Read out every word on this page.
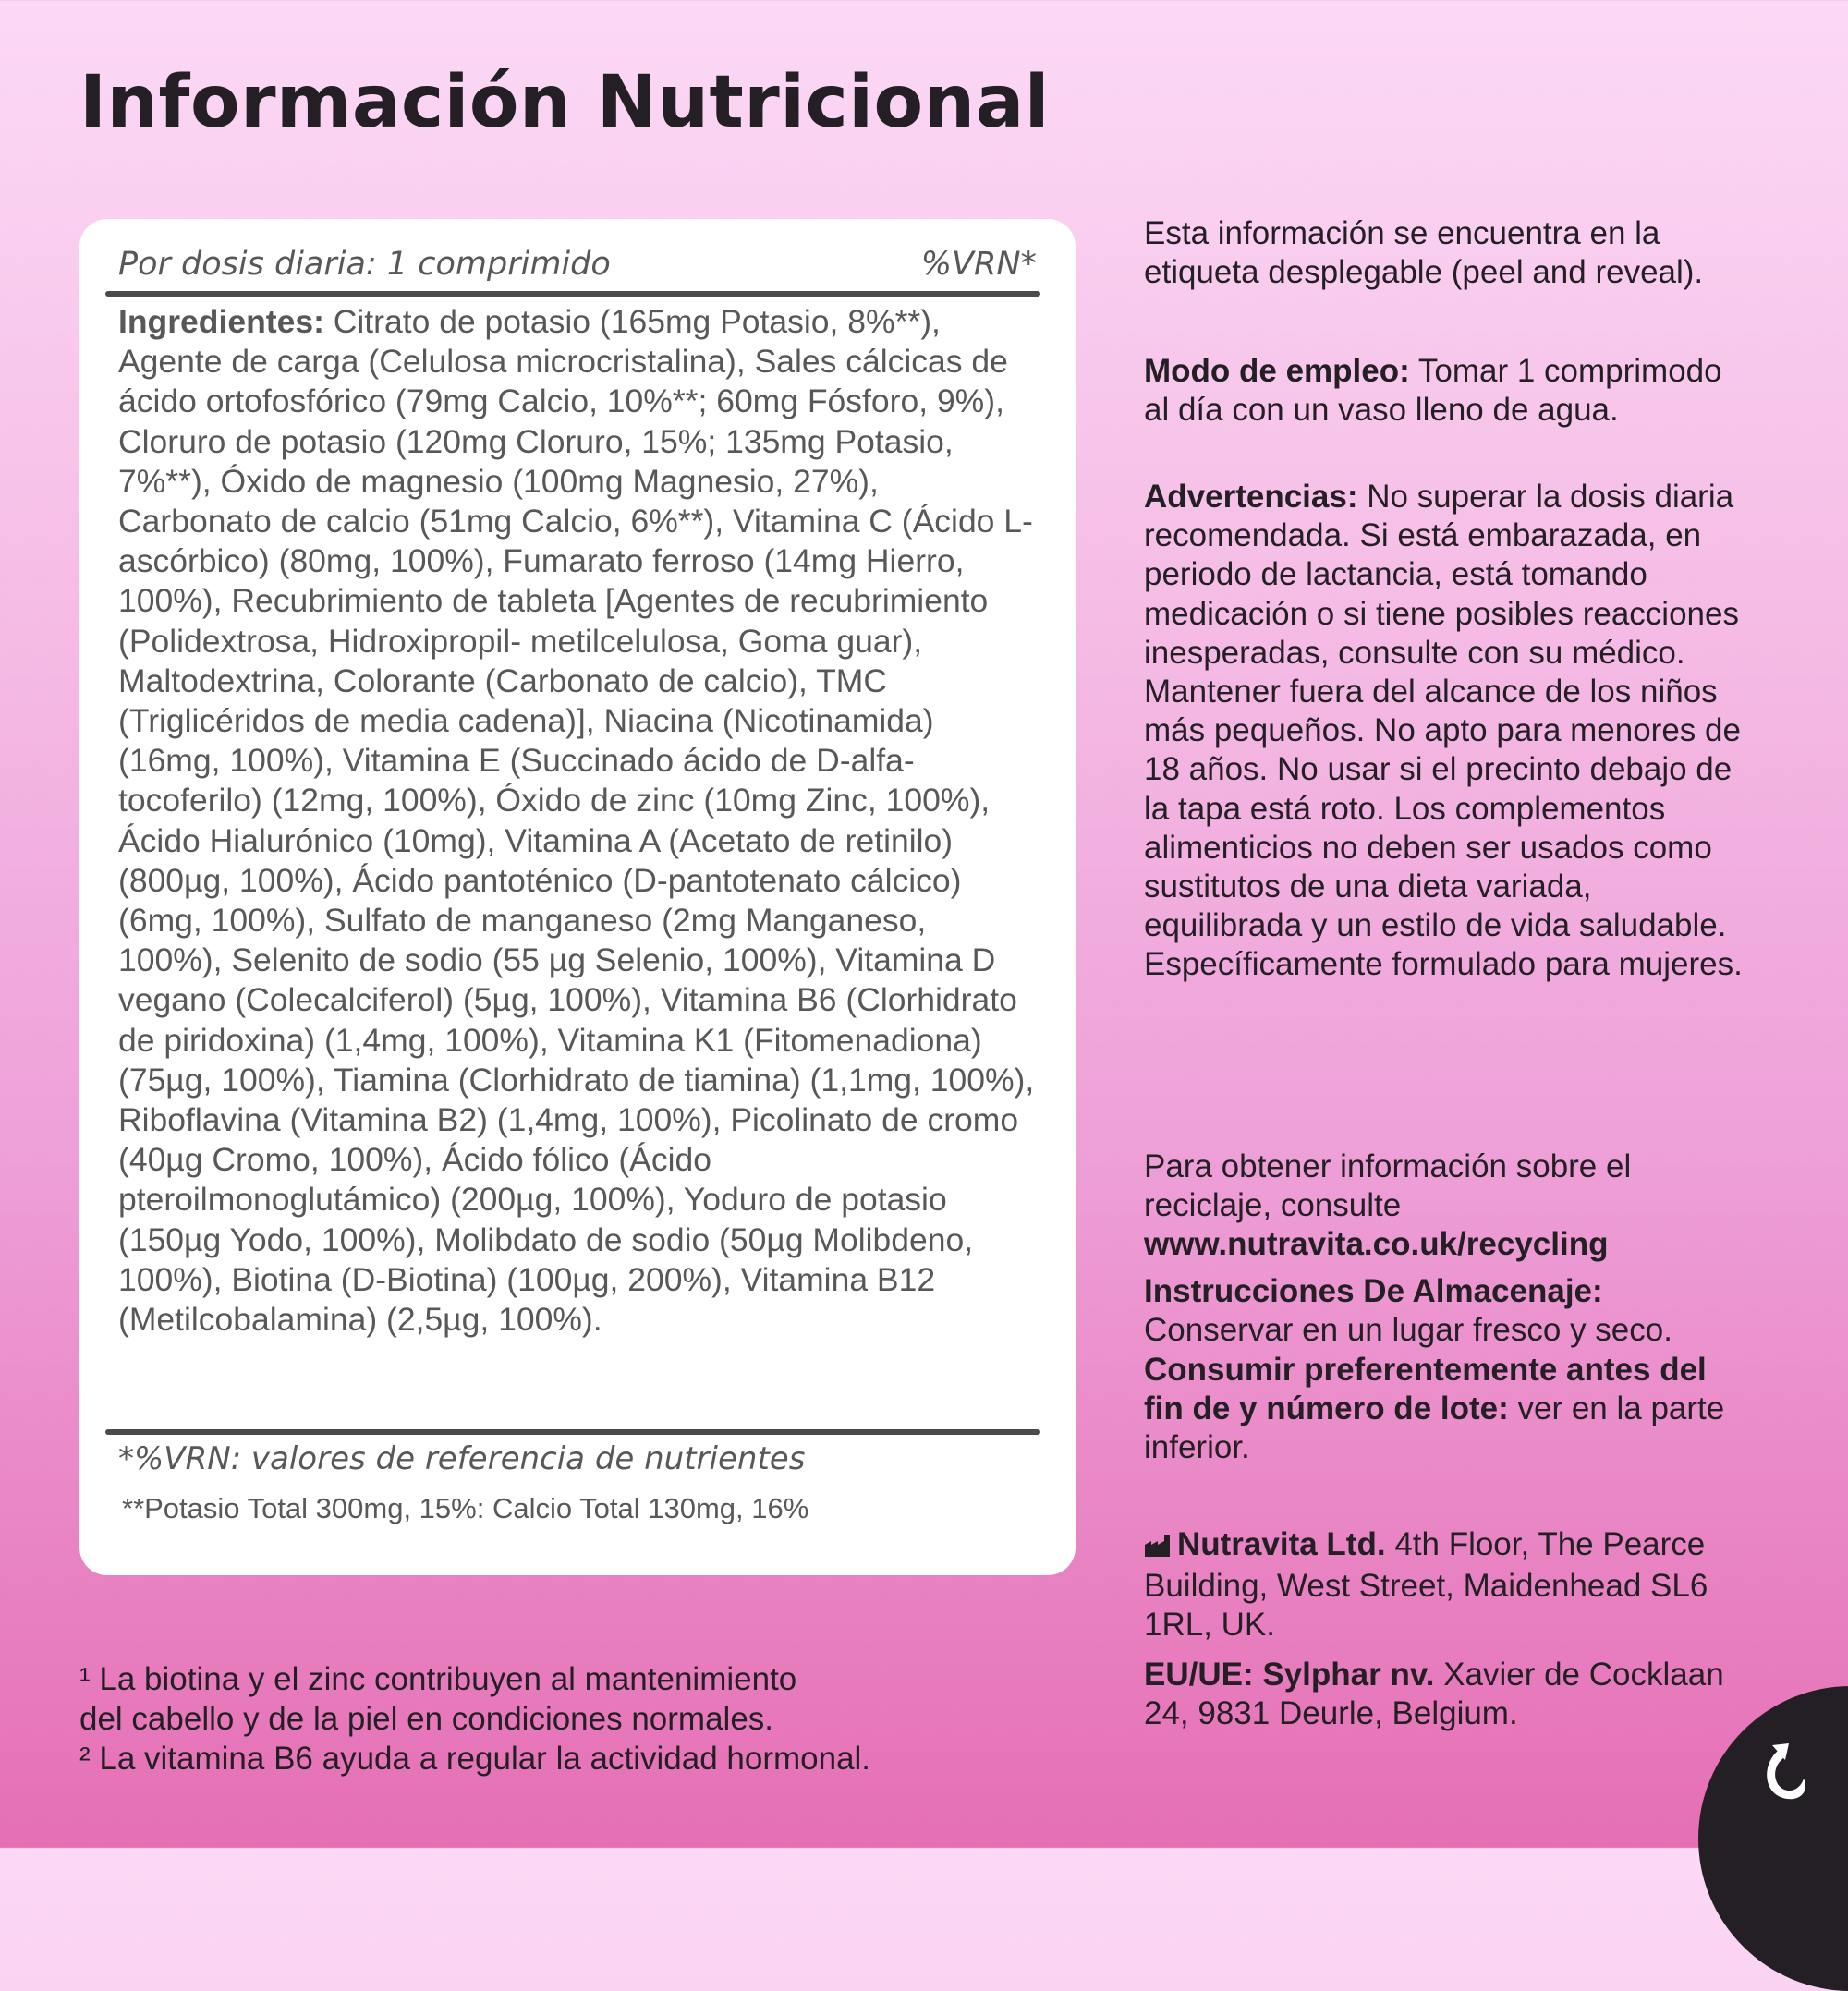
Información Nutricional
Por dosis diaria: 1 comprimido	%VRN*
Ingredientes: Citrato de potasio (165mg Potasio, 8%**), Agente de carga (Celulosa microcristalina), Sales cálcicas de ácido ortofosfórico (79mg Calcio, 10%**; 60mg Fósforo, 9%), Cloruro de potasio (120mg Cloruro, 15%; 135mg Potasio, 7%**), Óxido de magnesio (100mg Magnesio, 27%), Carbonato de calcio (51mg Calcio, 6%**), Vitamina C (Ácido L-ascórbico) (80mg, 100%), Fumarato ferroso (14mg Hierro, 100%), Recubrimiento de tableta [Agentes de recubrimiento (Polidextrosa, Hidroxipropil- metilcelulosa, Goma guar), Maltodextrina, Colorante (Carbonato de calcio), TMC (Triglicéridos de media cadena)], Niacina (Nicotinamida) (16mg, 100%), Vitamina E (Succinado ácido de D-alfa-tocoferilo) (12mg, 100%), Óxido de zinc (10mg Zinc, 100%), Ácido Hialurónico (10mg), Vitamina A (Acetato de retinilo) (800µg, 100%), Ácido pantoténico (D-pantotenato cálcico) (6mg, 100%), Sulfato de manganeso (2mg Manganeso, 100%), Selenito de sodio (55 µg Selenio, 100%), Vitamina D vegano (Colecalciferol) (5µg, 100%), Vitamina B6 (Clorhidrato de piridoxina) (1,4mg, 100%), Vitamina K1 (Fitomenadiona) (75µg, 100%), Tiamina (Clorhidrato de tiamina) (1,1mg, 100%), Riboflavina (Vitamina B2) (1,4mg, 100%), Picolinato de cromo (40µg Cromo, 100%), Ácido fólico (Ácido pteroilmonoglutámico) (200µg, 100%), Yoduro de potasio (150µg Yodo, 100%), Molibdato de sodio (50µg Molibdeno, 100%), Biotina (D-Biotina) (100µg, 200%), Vitamina B12 (Metilcobalamina) (2,5µg, 100%).
*%VRN: valores de referencia de nutrientes
**Potasio Total 300mg, 15%: Calcio Total 130mg, 16%

Esta información se encuentra en la etiqueta desplegable (peel and reveal).

Modo de empleo: Tomar 1 comprimodo al día con un vaso lleno de agua.

Advertencias: No superar la dosis diaria recomendada. Si está embarazada, en periodo de lactancia, está tomando medicación o si tiene posibles reacciones inesperadas, consulte con su médico. Mantener fuera del alcance de los niños más pequeños. No apto para menores de 18 años. No usar si el precinto debajo de la tapa está roto. Los complementos alimenticios no deben ser usados como sustitutos de una dieta variada, equilibrada y un estilo de vida saludable. Específicamente formulado para mujeres.

Para obtener información sobre el reciclaje, consulte
www.nutravita.co.uk/recycling

Instrucciones De Almacenaje:
Conservar en un lugar fresco y seco.

Consumir preferentemente antes del fin de y número de lote: ver en la parte inferior.

Nutravita Ltd. 4th Floor, The Pearce Building, West Street, Maidenhead SL6 1RL, UK.

EU/UE: Sylphar nv. Xavier de Cocklaan 24, 9831 Deurle, Belgium.

¹ La biotina y el zinc contribuyen al mantenimiento

del cabello y de la piel en condiciones normales.

² La vitamina B6 ayuda a regular la actividad hormonal.
